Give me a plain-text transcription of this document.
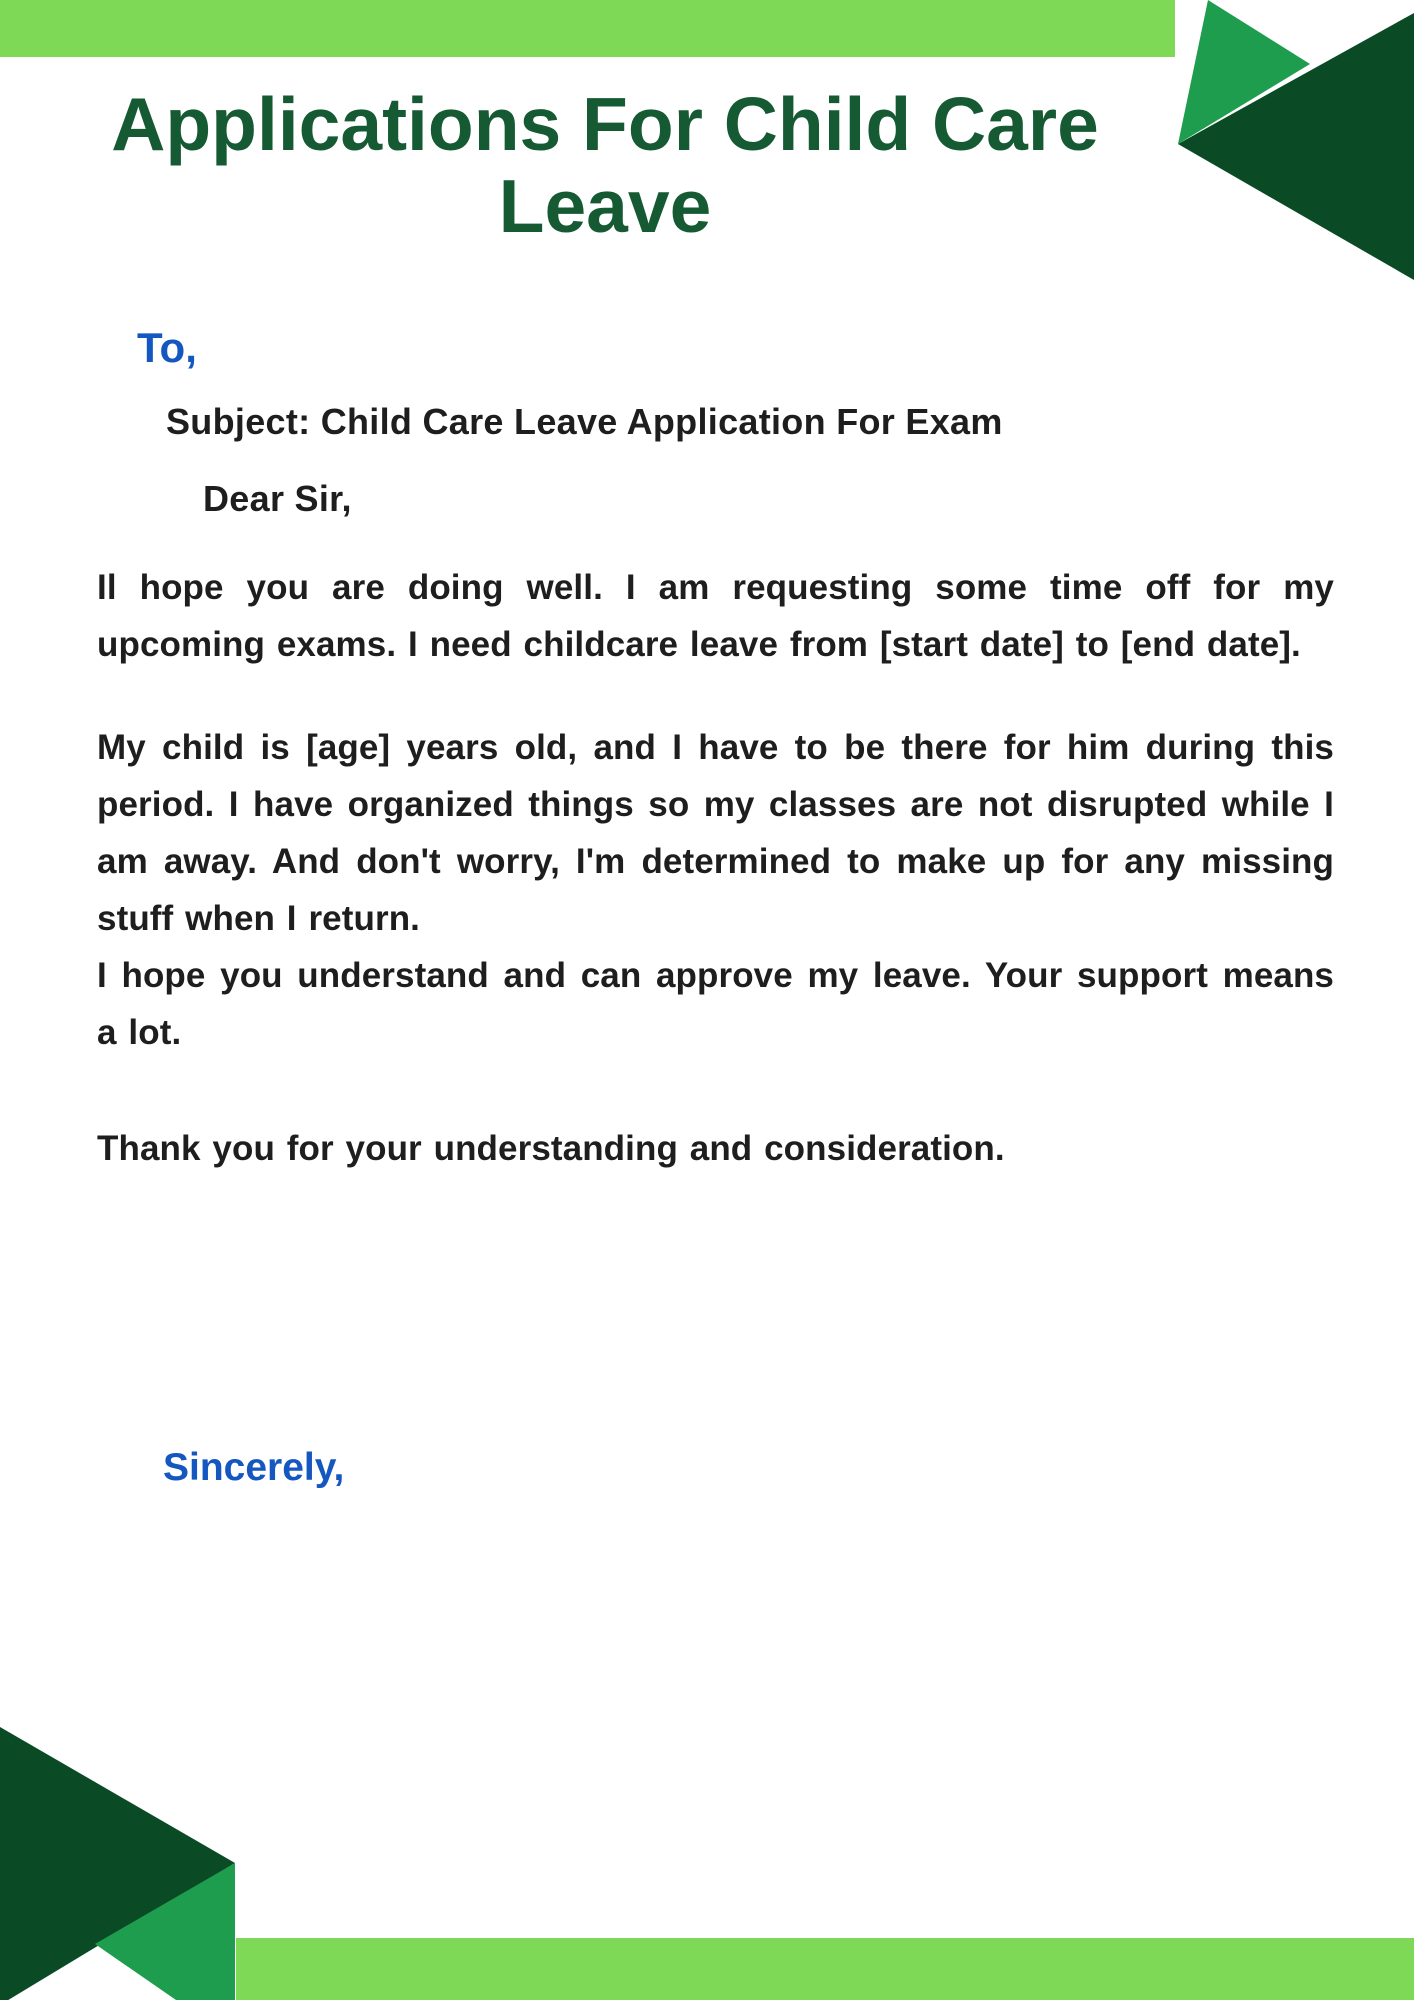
Applications For Child Care
Leave
To,
Subject: Child Care Leave Application For Exam
Dear Sir,

Il hope you are doing well. I am requesting some time off for my upcoming exams. I need childcare leave from [start date] to [end date].

My child is [age] years old, and I have to be there for him during this period. I have organized things so my classes are not disrupted while I am away. And don't worry, I'm determined to make up for any missing stuff when I return.

I hope you understand and can approve my leave. Your support means a lot.

Thank you for your understanding and consideration.

Sincerely,
